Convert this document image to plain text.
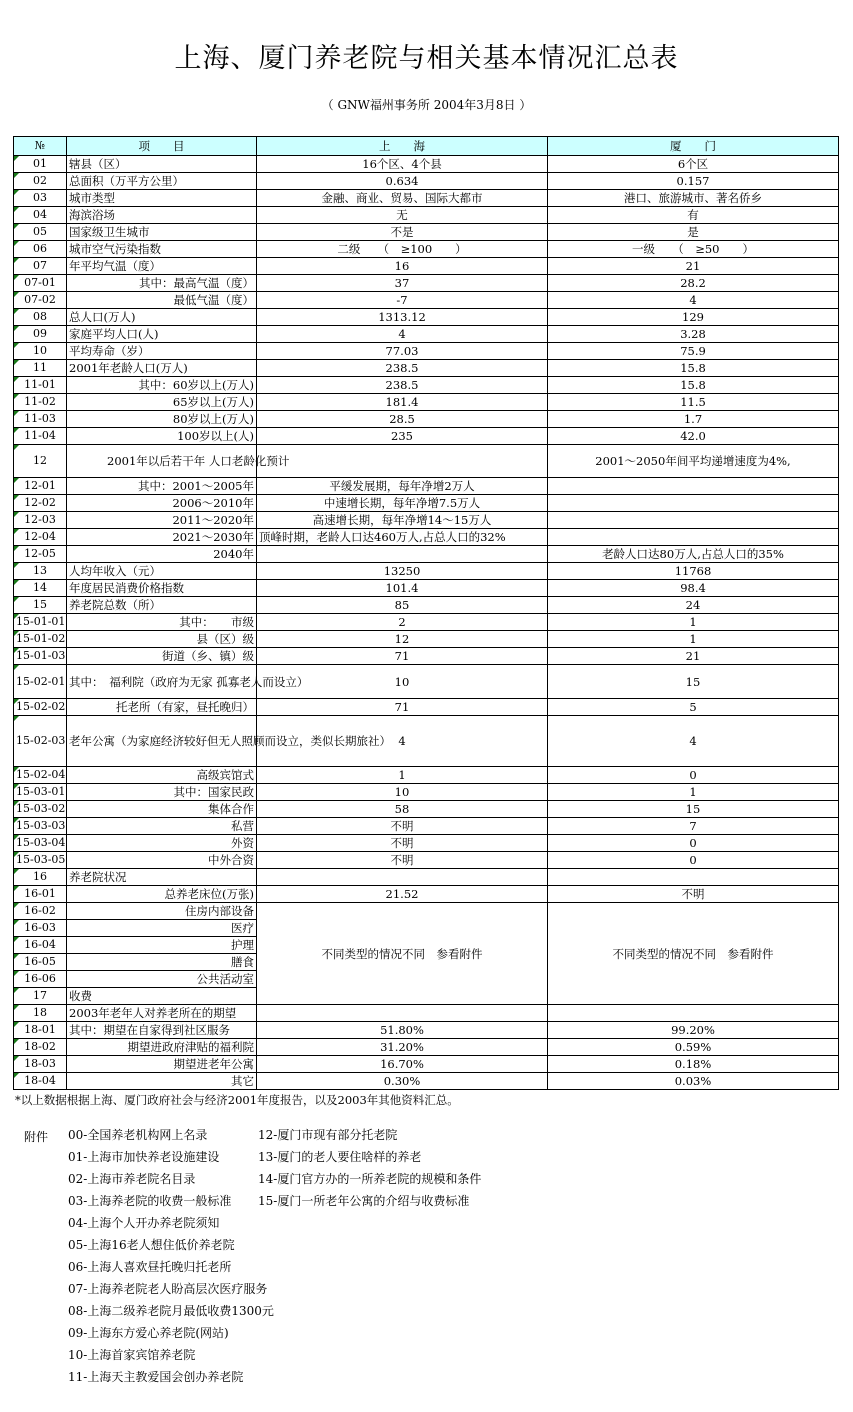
上海、厦门养老院与相关基本情况汇总表
（ GNW福州事务所 2004年3月8日 ）
№	项　　目	上　　海	厦　　门
01	辖县（区）	16个区、4个县	6个区
02	总面积（万平方公里）	0.634	0.157
03	城市类型	金融、商业、贸易、国际大都市	港口、旅游城市、著名侨乡
04	海滨浴场	无	有
05	国家级卫生城市	不是	是
06	城市空气污染指数	二级　　（　≥100　　）	一级　　（　≥50　　）
07	年平均气温（度）	16	21
07-01	其中：最高气温（度）	37	28.2
07-02	最低气温（度）	-7	4
08	总人口(万人)	1313.12	129
09	家庭平均人口(人)	4	3.28
10	平均寿命（岁）	77.03	75.9
11	2001年老龄人口(万人)	238.5	15.8
11-01	其中：60岁以上(万人)	238.5	15.8
11-02	65岁以上(万人)	181.4	11.5
11-03	80岁以上(万人)	28.5	1.7
11-04	100岁以上(人)	235	42.0
12	2001年以后若干年 人口老龄化预计		2001～2050年间平均递增速度为4%,
12-01	其中：2001～2005年	平缓发展期，每年净增2万人	
12-02	2006～2010年	中速增长期，每年净增7.5万人	
12-03	2011～2020年	高速增长期，每年净增14～15万人	
12-04	2021～2030年	顶峰时期，老龄人口达460万人,占总人口的32%	
12-05	2040年		老龄人口达80万人,占总人口的35%
13	人均年收入（元）	13250	11768
14	年度居民消费价格指数	101.4	98.4
15	养老院总数（所）	85	24
15-01-01	其中：　　市级	2	1
15-01-02	县（区）级	12	1
15-01-03	街道（乡、镇）级	71	21
15-02-01	其中：　福利院（政府为无家 孤寡老人而设立）	10	15
15-02-02	托老所（有家，昼托晚归）	71	5
15-02-03	老年公寓（为家庭经济较好但无人照顾而设立，类似长期旅社）	4	4
15-02-04	高级宾馆式	1	0
15-03-01	其中：国家民政	10	1
15-03-02	集体合作	58	15
15-03-03	私营	不明	7
15-03-04	外资	不明	0
15-03-05	中外合资	不明	0
16	养老院状况		
16-01	总养老床位(万张)	21.52	不明
16-02	住房内部设备	不同类型的情况不同　参看附件	不同类型的情况不同　参看附件
16-03	医疗		
16-04	护理		
16-05	膳食		
16-06	公共活动室		
17	收费		
18	2003年老年人对养老所在的期望		
18-01	其中：期望在自家得到社区服务	51.80%	99.20%
18-02	期望进政府津贴的福利院	31.20%	0.59%
18-03	期望进老年公寓	16.70%	0.18%
18-04	其它	0.30%	0.03%
*以上数据根据上海、厦门政府社会与经济2001年度报告，以及2003年其他资料汇总。
附件 00-全国养老机构网上名录
01-上海市加快养老设施建设
02-上海市养老院名目录
03-上海养老院的收费一般标准
04-上海个人开办养老院须知
05-上海16老人想住低价养老院
06-上海人喜欢昼托晚归托老所
07-上海养老院老人盼高层次医疗服务
08-上海二级养老院月最低收费1300元
09-上海东方爱心养老院(网站)
10-上海首家宾馆养老院
11-上海天主教爱国会创办养老院
12-厦门市现有部分托老院
13-厦门的老人要住啥样的养老
14-厦门官方办的一所养老院的规模和条件
15-厦门一所老年公寓的介绍与收费标准
